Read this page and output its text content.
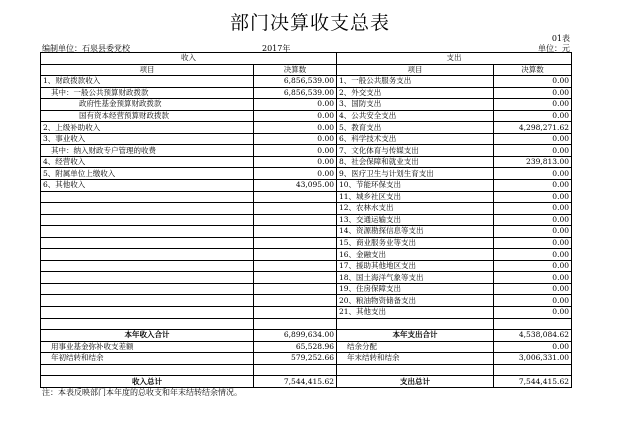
部门决算收支总表
01表
编制单位：石泉县委党校	2017年	单位：元
收入		支出	
项目	决算数	项目	决算数
1、财政拨款收入	6,856,539.00	1、一般公共服务支出	0.00
其中：一般公共预算财政拨款	6,856,539.00	2、外交支出	0.00
政府性基金预算财政拨款	0.00	3、国防支出	0.00
国有资本经营预算财政拨款	0.00	4、公共安全支出	0.00
2、上级补助收入	0.00	5、教育支出	4,298,271.62
3、事业收入	0.00	6、科学技术支出	0.00
其中：纳入财政专户管理的收费	0.00	7、文化体育与传媒支出	0.00
4、经营收入	0.00	8、社会保障和就业支出	239,813.00
5、附属单位上缴收入	0.00	9、医疗卫生与计划生育支出	0.00
6、其他收入	43,095.00	10、节能环保支出	0.00
		11、城乡社区支出	0.00
		12、农林水支出	0.00
		13、交通运输支出	0.00
		14、资源勘探信息等支出	0.00
		15、商业服务业等支出	0.00
		16、金融支出	0.00
		17、援助其他地区支出	0.00
		18、国土海洋气象等支出	0.00
		19、住房保障支出	0.00
		20、粮油物资储备支出	0.00
		21、其他支出	0.00

本年收入合计	6,899,634.00	本年支出合计	4,538,084.62
用事业基金弥补收支差额	65,528.96	结余分配	0.00
年初结转和结余	579,252.66	年末结转和结余	3,006,331.00

收入总计	7,544,415.62	支出总计	7,544,415.62
注：本表反映部门本年度的总收支和年末结转结余情况。
